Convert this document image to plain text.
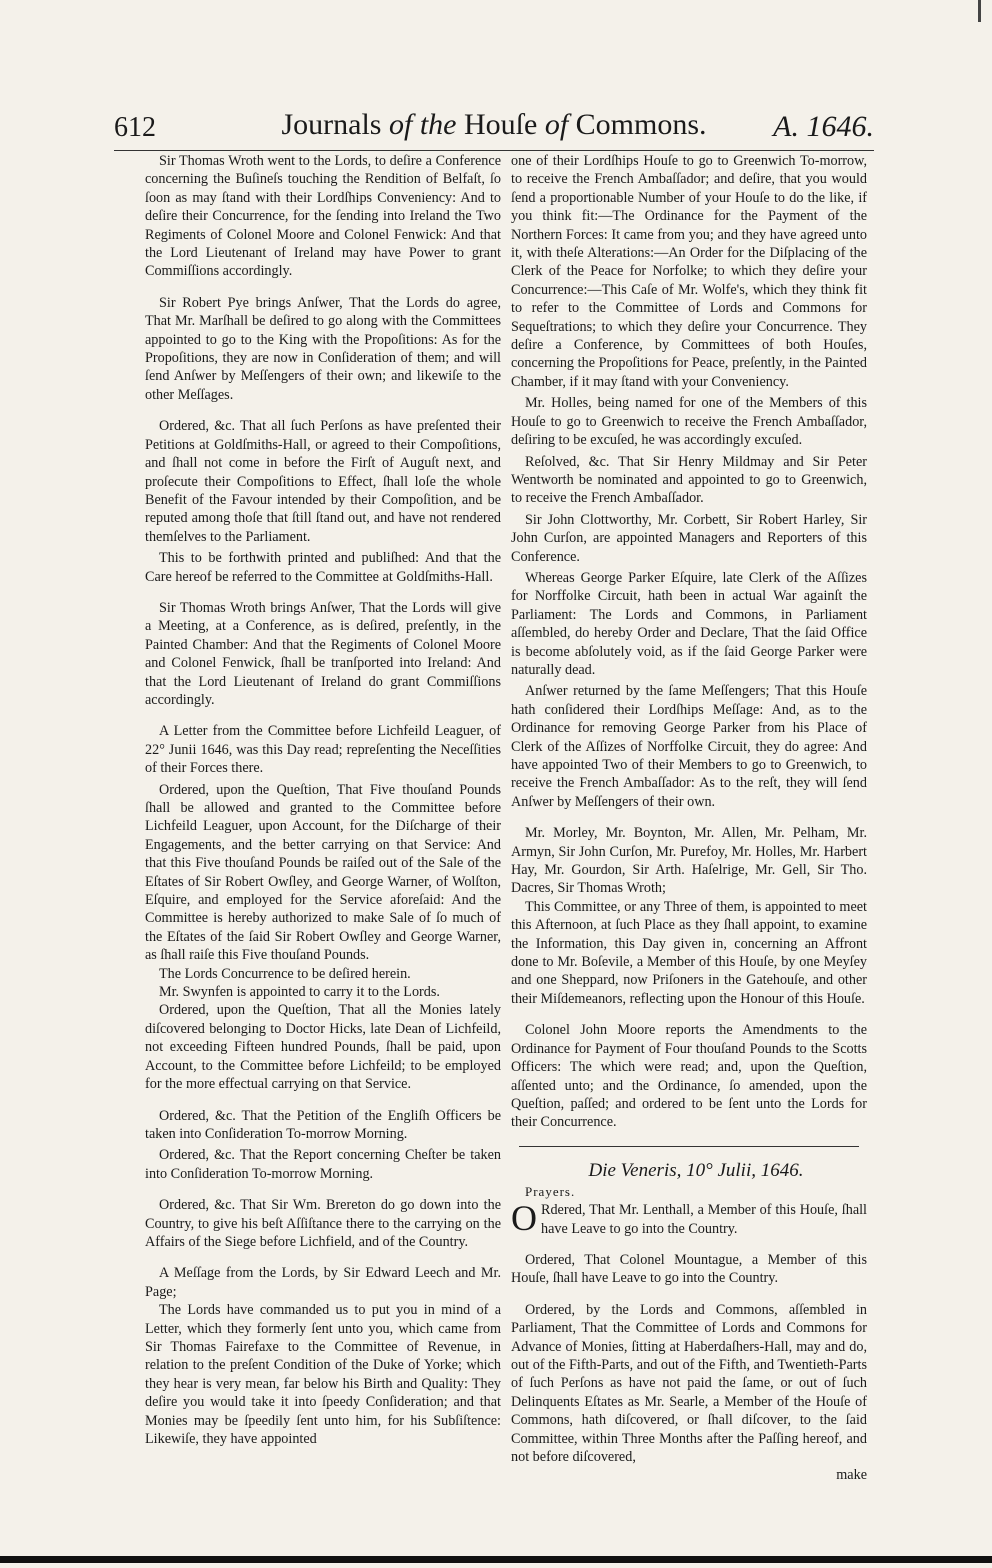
612	Journals of the Houſe of Commons.	A. 1646.

Sir Thomas Wroth went to the Lords, to deſire a Conference concerning the Buſineſs touching the Rendition of Belfaſt, ſo ſoon as may ſtand with their Lordſhips Conveniency: And to deſire their Concurrence, for the ſending into Ireland the Two Regiments of Colonel Moore and Colonel Fenwick: And that the Lord Lieutenant of Ireland may have Power to grant Commiſſions accordingly.

Sir Robert Pye brings Anſwer, That the Lords do agree, That Mr. Marſhall be deſired to go along with the Committees appointed to go to the King with the Propoſitions: As for the Propoſitions, they are now in Conſideration of them; and will ſend Anſwer by Meſſengers of their own; and likewiſe to the other Meſſages.

Ordered, &c. That all ſuch Perſons as have preſented their Petitions at Goldſmiths-Hall, or agreed to their Compoſitions, and ſhall not come in before the Firſt of Auguſt next, and proſecute their Compoſitions to Effect, ſhall loſe the whole Benefit of the Favour intended by their Compoſition, and be reputed among thoſe that ſtill ſtand out, and have not rendered themſelves to the Parliament.

This to be forthwith printed and publiſhed: And that the Care hereof be referred to the Committee at Goldſmiths-Hall.

Sir Thomas Wroth brings Anſwer, That the Lords will give a Meeting, at a Conference, as is deſired, preſently, in the Painted Chamber: And that the Regiments of Colonel Moore and Colonel Fenwick, ſhall be tranſported into Ireland: And that the Lord Lieutenant of Ireland do grant Commiſſions accordingly.

A Letter from the Committee before Lichfeild Leaguer, of 22° Junii 1646, was this Day read; repreſenting the Neceſſities of their Forces there.

Ordered, upon the Queſtion, That Five thouſand Pounds ſhall be allowed and granted to the Committee before Lichfeild Leaguer, upon Account, for the Diſcharge of their Engagements, and the better carrying on that Service: And that this Five thouſand Pounds be raiſed out of the Sale of the Eſtates of Sir Robert Owſley, and George Warner, of Wolſton, Eſquire, and employed for the Service aforeſaid: And the Committee is hereby authorized to make Sale of ſo much of the Eſtates of the ſaid Sir Robert Owſley and George Warner, as ſhall raiſe this Five thouſand Pounds.

The Lords Concurrence to be deſired herein.

Mr. Swynfen is appointed to carry it to the Lords.

Ordered, upon the Queſtion, That all the Monies lately diſcovered belonging to Doctor Hicks, late Dean of Lichfeild, not exceeding Fifteen hundred Pounds, ſhall be paid, upon Account, to the Committee before Lichfeild; to be employed for the more effectual carrying on that Service.

Ordered, &c. That the Petition of the Engliſh Officers be taken into Conſideration To-morrow Morning.

Ordered, &c. That the Report concerning Cheſter be taken into Conſideration To-morrow Morning.

Ordered, &c. That Sir Wm. Brereton do go down into the Country, to give his beſt Aſſiſtance there to the carrying on the Affairs of the Siege before Lichfield, and of the Country.

A Meſſage from the Lords, by Sir Edward Leech and Mr. Page;

The Lords have commanded us to put you in mind of a Letter, which they formerly ſent unto you, which came from Sir Thomas Fairefaxe to the Committee of Revenue, in relation to the preſent Condition of the Duke of Yorke; which they hear is very mean, far below his Birth and Quality: They deſire you would take it into ſpeedy Conſideration; and that Monies may be ſpeedily ſent unto him, for his Subſiſtence: Likewiſe, they have appointed

one of their Lordſhips Houſe to go to Greenwich To-morrow, to receive the French Ambaſſador; and deſire, that you would ſend a proportionable Number of your Houſe to do the like, if you think fit:—The Ordinance for the Payment of the Northern Forces: It came from you; and they have agreed unto it, with theſe Alterations:—An Order for the Diſplacing of the Clerk of the Peace for Norfolke; to which they deſire your Concurrence:—This Caſe of Mr. Wolfe's, which they think fit to refer to the Committee of Lords and Commons for Sequeſtrations; to which they deſire your Concurrence. They deſire a Conference, by Committees of both Houſes, concerning the Propoſitions for Peace, preſently, in the Painted Chamber, if it may ſtand with your Conveniency.

Mr. Holles, being named for one of the Members of this Houſe to go to Greenwich to receive the French Ambaſſador, deſiring to be excuſed, he was accordingly excuſed.

Reſolved, &c. That Sir Henry Mildmay and Sir Peter Wentworth be nominated and appointed to go to Greenwich, to receive the French Ambaſſador.

Sir John Clottworthy, Mr. Corbett, Sir Robert Harley, Sir John Curſon, are appointed Managers and Reporters of this Conference.

Whereas George Parker Eſquire, late Clerk of the Aſſizes for Norffolke Circuit, hath been in actual War againſt the Parliament: The Lords and Commons, in Parliament aſſembled, do hereby Order and Declare, That the ſaid Office is become abſolutely void, as if the ſaid George Parker were naturally dead.

Anſwer returned by the ſame Meſſengers; That this Houſe hath conſidered their Lordſhips Meſſage: And, as to the Ordinance for removing George Parker from his Place of Clerk of the Aſſizes of Norffolke Circuit, they do agree: And have appointed Two of their Members to go to Greenwich, to receive the French Ambaſſador: As to the reſt, they will ſend Anſwer by Meſſengers of their own.

Mr. Morley, Mr. Boynton, Mr. Allen, Mr. Pelham, Mr. Armyn, Sir John Curſon, Mr. Purefoy, Mr. Holles, Mr. Harbert Hay, Mr. Gourdon, Sir Arth. Haſelrige, Mr. Gell, Sir Tho. Dacres, Sir Thomas Wroth;

This Committee, or any Three of them, is appointed to meet this Afternoon, at ſuch Place as they ſhall appoint, to examine the Information, this Day given in, concerning an Affront done to Mr. Boſevile, a Member of this Houſe, by one Meyſey and one Sheppard, now Priſoners in the Gatehouſe, and other their Miſdemeanors, reflecting upon the Honour of this Houſe.

Colonel John Moore reports the Amendments to the Ordinance for Payment of Four thouſand Pounds to the Scotts Officers: The which were read; and, upon the Queſtion, aſſented unto; and the Ordinance, ſo amended, upon the Queſtion, paſſed; and ordered to be ſent unto the Lords for their Concurrence.

Die Veneris, 10° Julii, 1646.

Prayers.

O Rdered, That Mr. Lenthall, a Member of this Houſe, ſhall have Leave to go into the Country.

Ordered, That Colonel Mountague, a Member of this Houſe, ſhall have Leave to go into the Country.

Ordered, by the Lords and Commons, aſſembled in Parliament, That the Committee of Lords and Commons for Advance of Monies, ſitting at Haberdaſhers-Hall, may and do, out of the Fifth-Parts, and out of the Fifth, and Twentieth-Parts of ſuch Perſons as have not paid the ſame, or out of ſuch Delinquents Eſtates as Mr. Searle, a Member of the Houſe of Commons, hath diſcovered, or ſhall diſcover, to the ſaid Committee, within Three Months after the Paſſing hereof, and not before diſcovered,

make
